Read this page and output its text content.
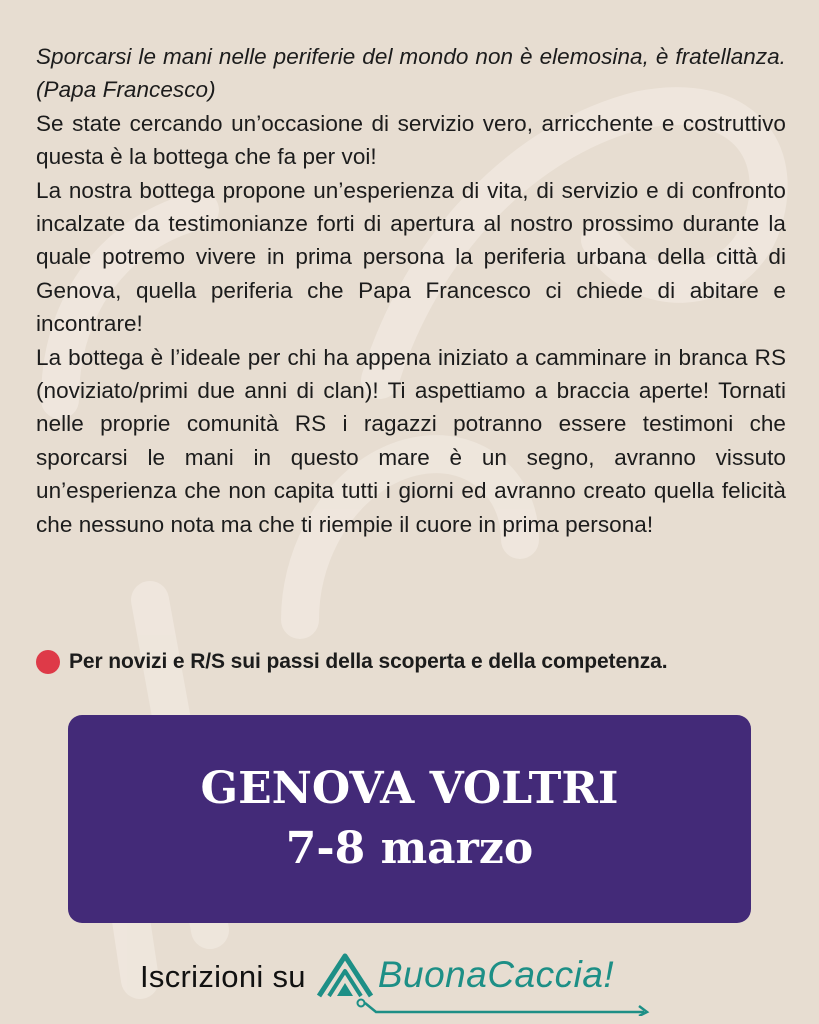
Sporcarsi le mani nelle periferie del mondo non è elemosina, è fratellanza. (Papa Francesco)

Se state cercando un’occasione di servizio vero, arricchente e costruttivo questa è la bottega che fa per voi!

La nostra bottega propone un’esperienza di vita, di servizio e di confronto incalzate da testimonianze forti di apertura al nostro prossimo durante la quale potremo vivere in prima persona la periferia urbana della città di Genova, quella periferia che Papa Francesco ci chiede di abitare e incontrare!

La bottega è l’ideale per chi ha appena iniziato a camminare in branca RS (noviziato/primi due anni di clan)! Ti aspettiamo a braccia aperte! Tornati nelle proprie comunità RS i ragazzi potranno essere testimoni che sporcarsi le mani in questo mare è un segno, avranno vissuto un’esperienza che non capita tutti i giorni ed avranno creato quella felicità che nessuno nota ma che ti riempie il cuore in prima persona!

Per novizi e R/S sui passi della scoperta e della competenza.
GENOVA VOLTRI
7-8 marzo
Iscrizioni su BuonaCaccia!
